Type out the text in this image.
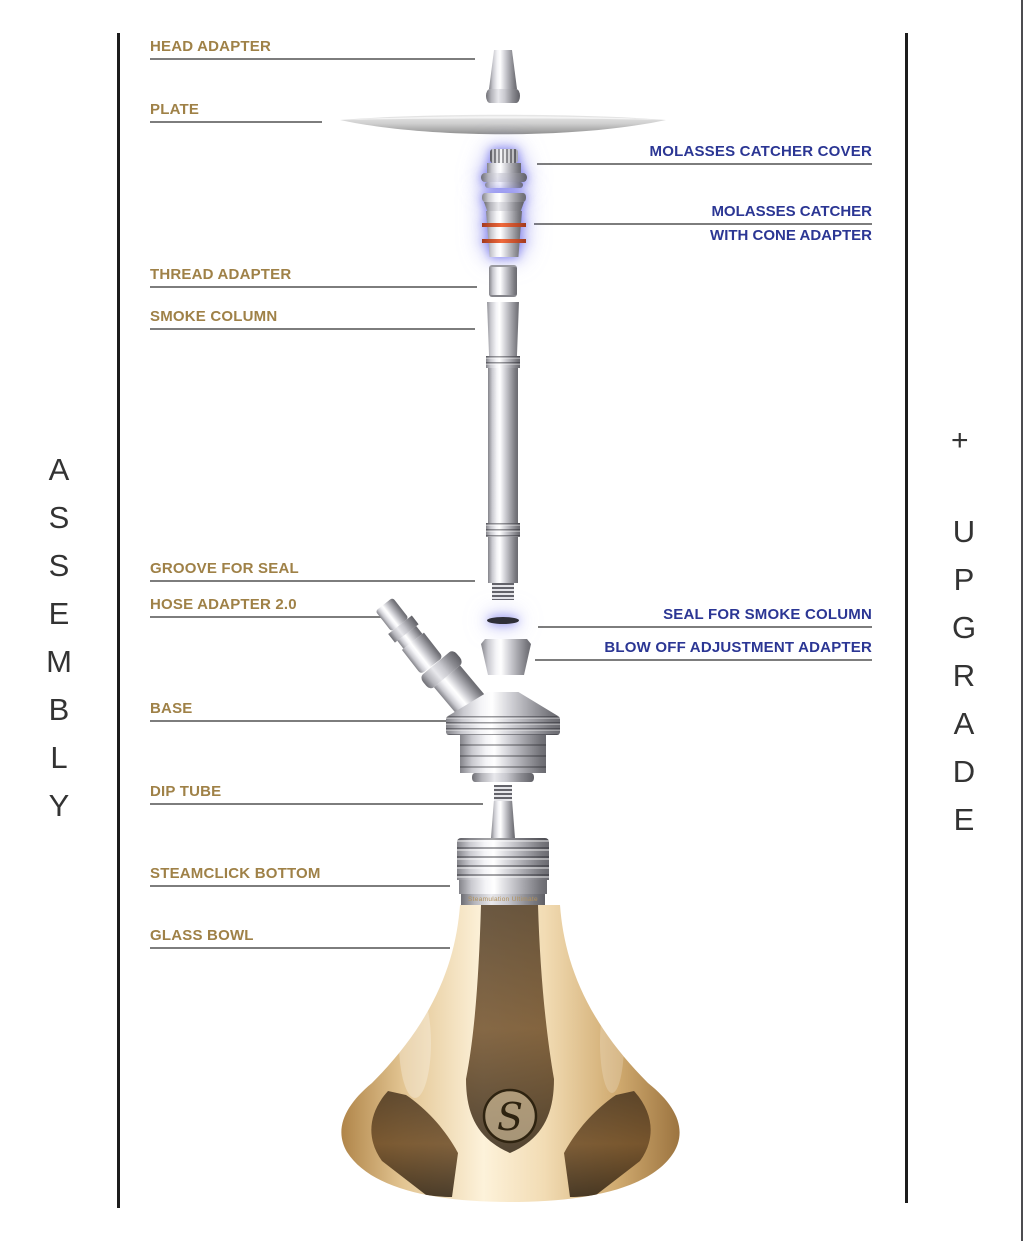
A
S
S
E
M
B
L
Y
+
U
P
G
R
A
D
E
HEAD ADAPTER
PLATE
THREAD ADAPTER
SMOKE COLUMN
GROOVE FOR SEAL
HOSE ADAPTER 2.0
BASE
DIP TUBE
STEAMCLICK BOTTOM
GLASS BOWL
MOLASSES CATCHER COVER
MOLASSES CATCHER
WITH CONE ADAPTER
SEAL FOR SMOKE COLUMN
BLOW OFF ADJUSTMENT ADAPTER
Steamulation Ultimate
S
